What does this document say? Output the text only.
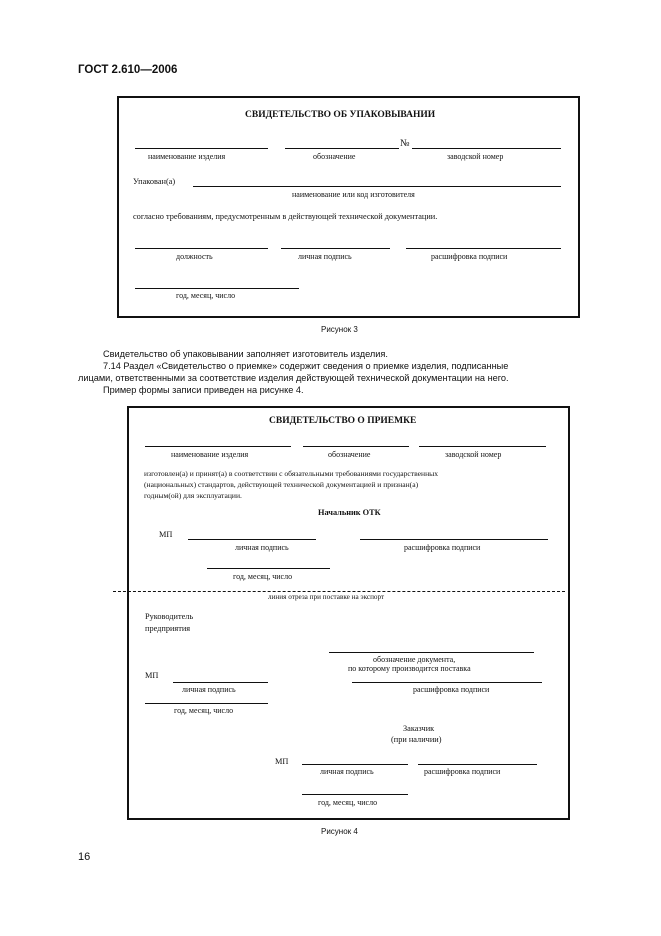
ГОСТ 2.610—2006
СВИДЕТЕЛЬСТВО ОБ УПАКОВЫВАНИИ
№
наименование изделия	обозначение	заводской номер
Упакован(а)
наименование или код изготовителя
согласно требованиям, предусмотренным в действующей технической документации.
должность	личная подпись	расшифровка подписи
год, месяц, число
Рисунок 3
Свидетельство об упаковывании заполняет изготовитель изделия.
7.14 Раздел «Свидетельство о приемке» содержит сведения о приемке изделия, подписанные
лицами, ответственными за соответствие изделия действующей технической документации на него.
Пример формы записи приведен на рисунке 4.
СВИДЕТЕЛЬСТВО О ПРИЕМКЕ
наименование изделия	обозначение	заводской номер
изготовлен(а) и принят(а) в соответствии с обязательными требованиями государственных
(национальных) стандартов, действующей технической документацией и признан(а)
годным(ой) для эксплуатации.
Начальник ОТК
МП
личная подпись	расшифровка подписи
год, месяц, число
линия отреза при поставке на экспорт
Руководитель
предприятия
обозначение документа,
по которому производится поставка
МП
личная подпись	расшифровка подписи
год, месяц, число
Заказчик
(при наличии)
МП
личная подпись	расшифровка подписи
год, месяц, число
Рисунок 4
16
